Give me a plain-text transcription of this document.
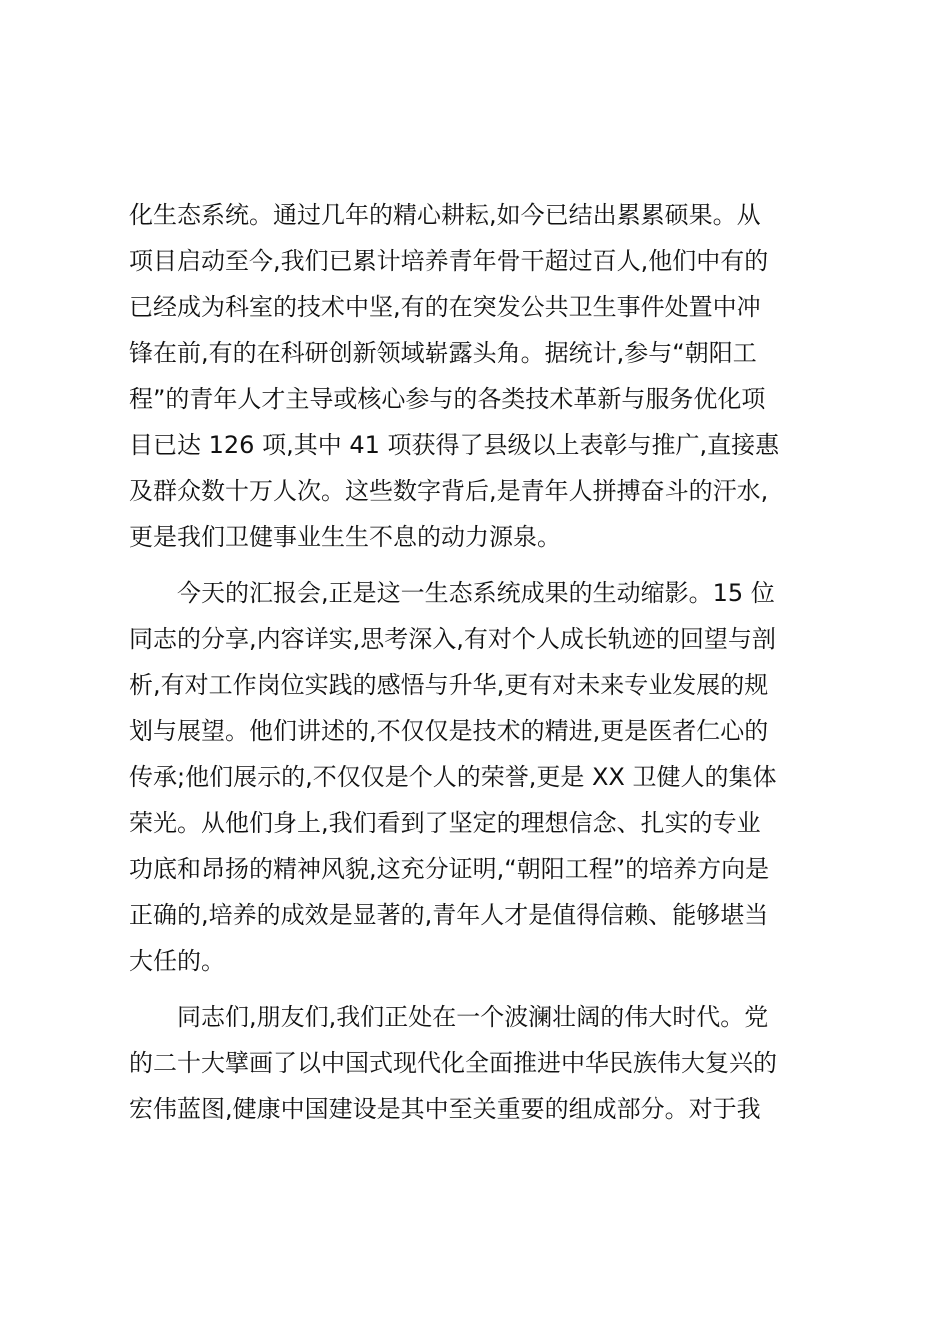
化生态系统。通过几年的精心耕耘,如今已结出累累硕果。从
项目启动至今,我们已累计培养青年骨干超过百人,他们中有的
已经成为科室的技术中坚,有的在突发公共卫生事件处置中冲
锋在前,有的在科研创新领域崭露头角。据统计,参与“朝阳工
程”的青年人才主导或核心参与的各类技术革新与服务优化项
目已达 126 项,其中 41 项获得了县级以上表彰与推广,直接惠
及群众数十万人次。这些数字背后,是青年人拼搏奋斗的汗水,
更是我们卫健事业生生不息的动力源泉。
今天的汇报会,正是这一生态系统成果的生动缩影。15 位
同志的分享,内容详实,思考深入,有对个人成长轨迹的回望与剖
析,有对工作岗位实践的感悟与升华,更有对未来专业发展的规
划与展望。他们讲述的,不仅仅是技术的精进,更是医者仁心的
传承;他们展示的,不仅仅是个人的荣誉,更是 XX 卫健人的集体
荣光。从他们身上,我们看到了坚定的理想信念、扎实的专业
功底和昂扬的精神风貌,这充分证明,“朝阳工程”的培养方向是
正确的,培养的成效是显著的,青年人才是值得信赖、能够堪当
大任的。
同志们,朋友们,我们正处在一个波澜壮阔的伟大时代。党
的二十大擘画了以中国式现代化全面推进中华民族伟大复兴的
宏伟蓝图,健康中国建设是其中至关重要的组成部分。对于我
